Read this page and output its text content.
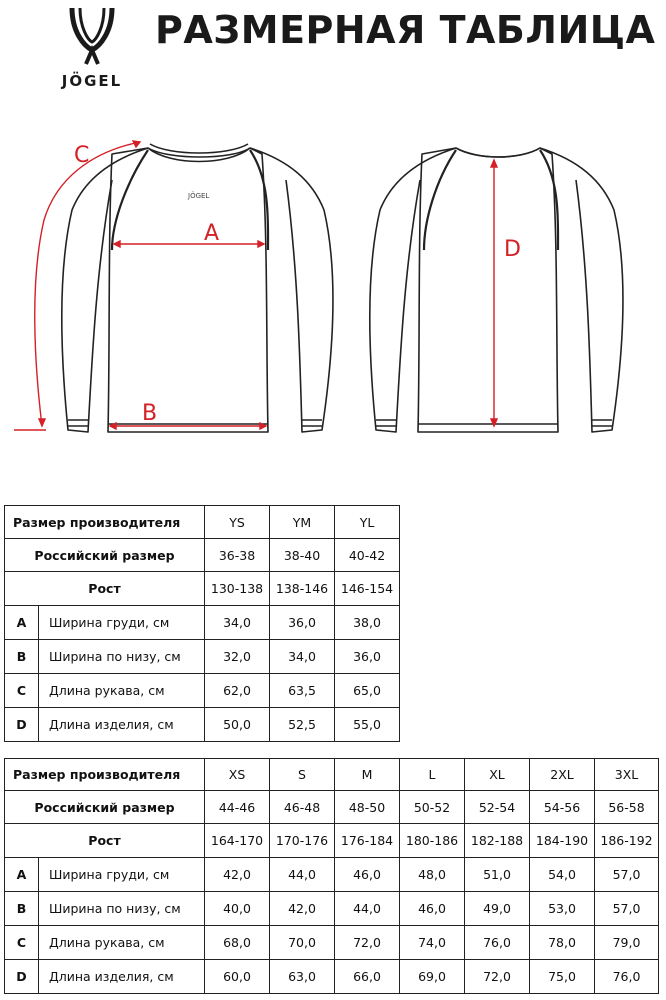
JÖGEL
РАЗМЕРНАЯ ТАБЛИЦА
JÖGEL
A
B
C
D
Размер производителя		YS	YM	YL
Российский размер		36-38	38-40	40-42
Рост		130-138	138-146	146-154
A	Ширина груди, см	34,0	36,0	38,0
B	Ширина по низу, см	32,0	34,0	36,0
C	Длина рукава, см	62,0	63,5	65,0
D	Длина изделия, см	50,0	52,5	55,0
Размер производителя		XS	S	M	L	XL	2XL	3XL
Российский размер		44-46	46-48	48-50	50-52	52-54	54-56	56-58
Рост		164-170	170-176	176-184	180-186	182-188	184-190	186-192
A	Ширина груди, см	42,0	44,0	46,0	48,0	51,0	54,0	57,0
B	Ширина по низу, см	40,0	42,0	44,0	46,0	49,0	53,0	57,0
C	Длина рукава, см	68,0	70,0	72,0	74,0	76,0	78,0	79,0
D	Длина изделия, см	60,0	63,0	66,0	69,0	72,0	75,0	76,0
